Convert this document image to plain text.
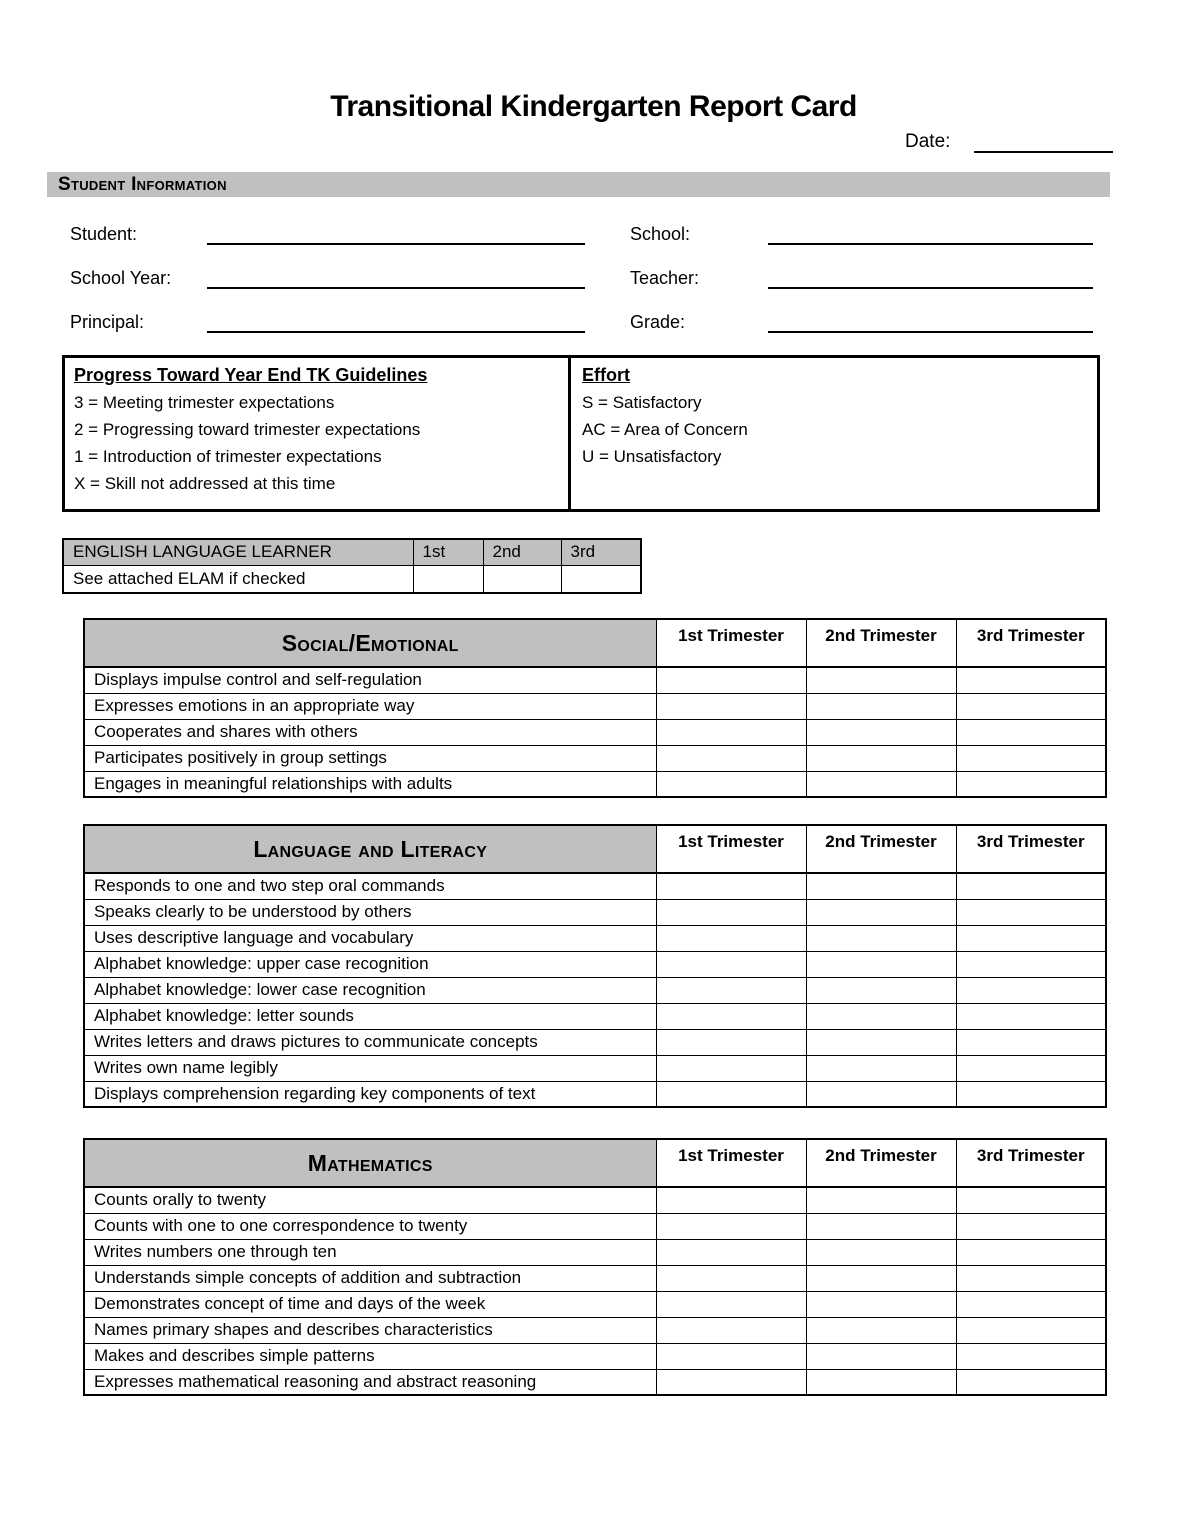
Transitional Kindergarten Report Card
Date:
Student Information
Student:
School Year:
Principal:
School:
Teacher:
Grade:
Progress Toward Year End TK Guidelines
3 = Meeting trimester expectations
2 = Progressing toward trimester expectations
1 = Introduction of trimester expectations
X = Skill not addressed at this time
Effort
S = Satisfactory
AC = Area of Concern
U = Unsatisfactory
ENGLISH LANGUAGE LEARNER	1st	2nd	3rd
See attached ELAM if checked			
Social/Emotional	1st Trimester	2nd Trimester	3rd Trimester
Displays impulse control and self-regulation			
Expresses emotions in an appropriate way			
Cooperates and shares with others			
Participates positively in group settings			
Engages in meaningful relationships with adults			
Language and Literacy	1st Trimester	2nd Trimester	3rd Trimester
Responds to one and two step oral commands			
Speaks clearly to be understood by others			
Uses descriptive language and vocabulary			
Alphabet knowledge: upper case recognition			
Alphabet knowledge: lower case recognition			
Alphabet knowledge: letter sounds			
Writes letters and draws pictures to communicate concepts			
Writes own name legibly			
Displays comprehension regarding key components of text			
Mathematics	1st Trimester	2nd Trimester	3rd Trimester
Counts orally to twenty			
Counts with one to one correspondence to twenty			
Writes numbers one through ten			
Understands simple concepts of addition and subtraction			
Demonstrates concept of time and days of the week			
Names primary shapes and describes characteristics			
Makes and describes simple patterns			
Expresses mathematical reasoning and abstract reasoning			
